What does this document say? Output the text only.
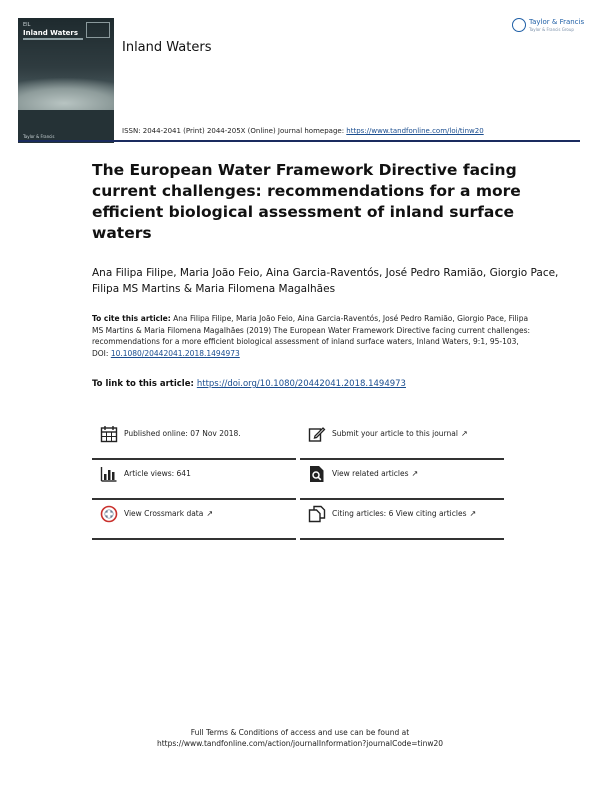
EIL
Inland Waters
Taylor & Francis
Inland Waters
Taylor & Francis
Taylor & Francis Group
ISSN: 2044-2041 (Print) 2044-205X (Online) Journal homepage: https://www.tandfonline.com/loi/tinw20
The European Water Framework Directive facing current challenges: recommendations for a more efficient biological assessment of inland surface waters
Ana Filipa Filipe, Maria João Feio, Aina Garcia-Raventós, José Pedro Ramião, Giorgio Pace, Filipa MS Martins & Maria Filomena Magalhães
To cite this article: Ana Filipa Filipe, Maria João Feio, Aina Garcia-Raventós, José Pedro Ramião, Giorgio Pace, Filipa MS Martins & Maria Filomena Magalhães (2019) The European Water Framework Directive facing current challenges: recommendations for a more efficient biological assessment of inland surface waters, Inland Waters, 9:1, 95-103, DOI: 10.1080/20442041.2018.1494973
To link to this article: https://doi.org/10.1080/20442041.2018.1494973
Published online: 07 Nov 2018.	Submit your article to this journal ↗
Article views: 641	View related articles ↗
View Crossmark data ↗	Citing articles: 6 View citing articles ↗
Full Terms & Conditions of access and use can be found at
https://www.tandfonline.com/action/journalInformation?journalCode=tinw20
